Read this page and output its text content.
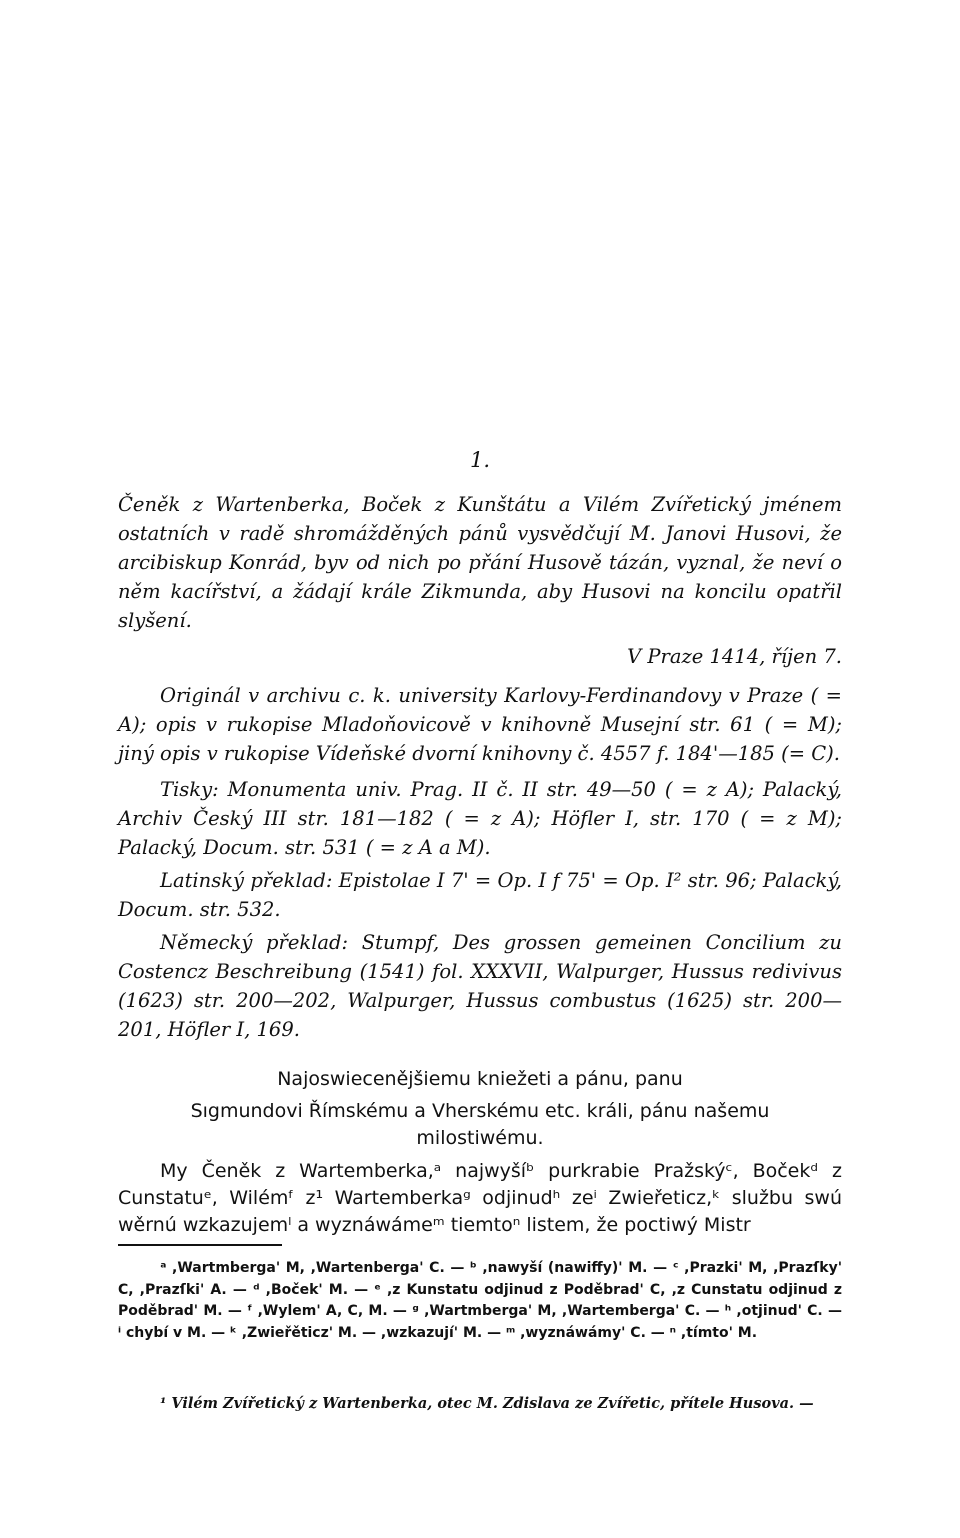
1.

Čeněk z Wartenberka, Boček z Kunštátu a Vilém Zvířetický jménem ostatních v radě shromážděných pánů vysvědčují M. Janovi Husovi, že arcibiskup Konrád, byv od nich po přání Husově tázán, vyznal, že neví o něm kacířství, a žádají krále Zikmunda, aby Husovi na koncilu opatřil slyšení.

V Praze 1414, říjen 7.

Originál v archivu c. k. university Karlovy-Ferdinandovy v Praze ( = A); opis v rukopise Mladoňovicově v knihovně Musejní str. 61 ( = M); jiný opis v rukopise Vídeňské dvorní knihovny č. 4557 f. 184'—185 (= C).

Tisky: Monumenta univ. Prag. II č. II str. 49—50 ( = z A); Palacký, Archiv Český III str. 181—182 ( = z A); Höfler I, str. 170 ( = z M); Palacký, Docum. str. 531 ( = z A a M).

Latinský překlad: Epistolae I 7' = Op. I f 75' = Op. I² str. 96; Palacký, Docum. str. 532.

Německý překlad: Stumpf, Des grossen gemeinen Concilium zu Costencz Beschreibung (1541) fol. XXXVII, Walpurger, Hussus redivivus (1623) str. 200—202, Walpurger, Hussus combustus (1625) str. 200—201, Höfler I, 169.

Najoswiecenějšiemu kniežeti a pánu, panu

Sıgmundovi Římskému a Vherskému etc. králi, pánu našemu milostiwému.

My Čeněk z Wartemberka,ᵃ najwyšíᵇ purkrabie Pražskýᶜ, Bočekᵈ z Cunstatuᵉ, Wilémᶠ z¹ Wartemberkaᵍ odjinudʰ zeⁱ Zwieřeticz,ᵏ službu swú wěrnú wzkazujemˡ a wyznáwámeᵐ tiemtoⁿ listem, že poctiwý Mistr

ᵃ ,Wartmberga' M, ,Wartenberga' C. — ᵇ ,nawyší (nawiffy)' M. — ᶜ ,Prazki' M, ,Prazſky' C, ,Prazſki' A. — ᵈ ,Boček' M. — ᵉ ,z Kunstatu odjinud z Poděbrad' C, ,z Cunstatu odjinud z Poděbrad' M. — ᶠ ,Wylem' A, C, M. — ᵍ ,Wartmberga' M, ,Wartemberga' C. — ʰ ,otjinud' C. — ⁱ chybí v M. — ᵏ ,Zwieřěticz' M. — ,wzkazují' M. — ᵐ ,wyznáwámy' C. — ⁿ ,tímto' M.

¹ Vilém Zvířetický z Wartenberka, otec M. Zdislava ze Zvířetic, přítele Husova. —
